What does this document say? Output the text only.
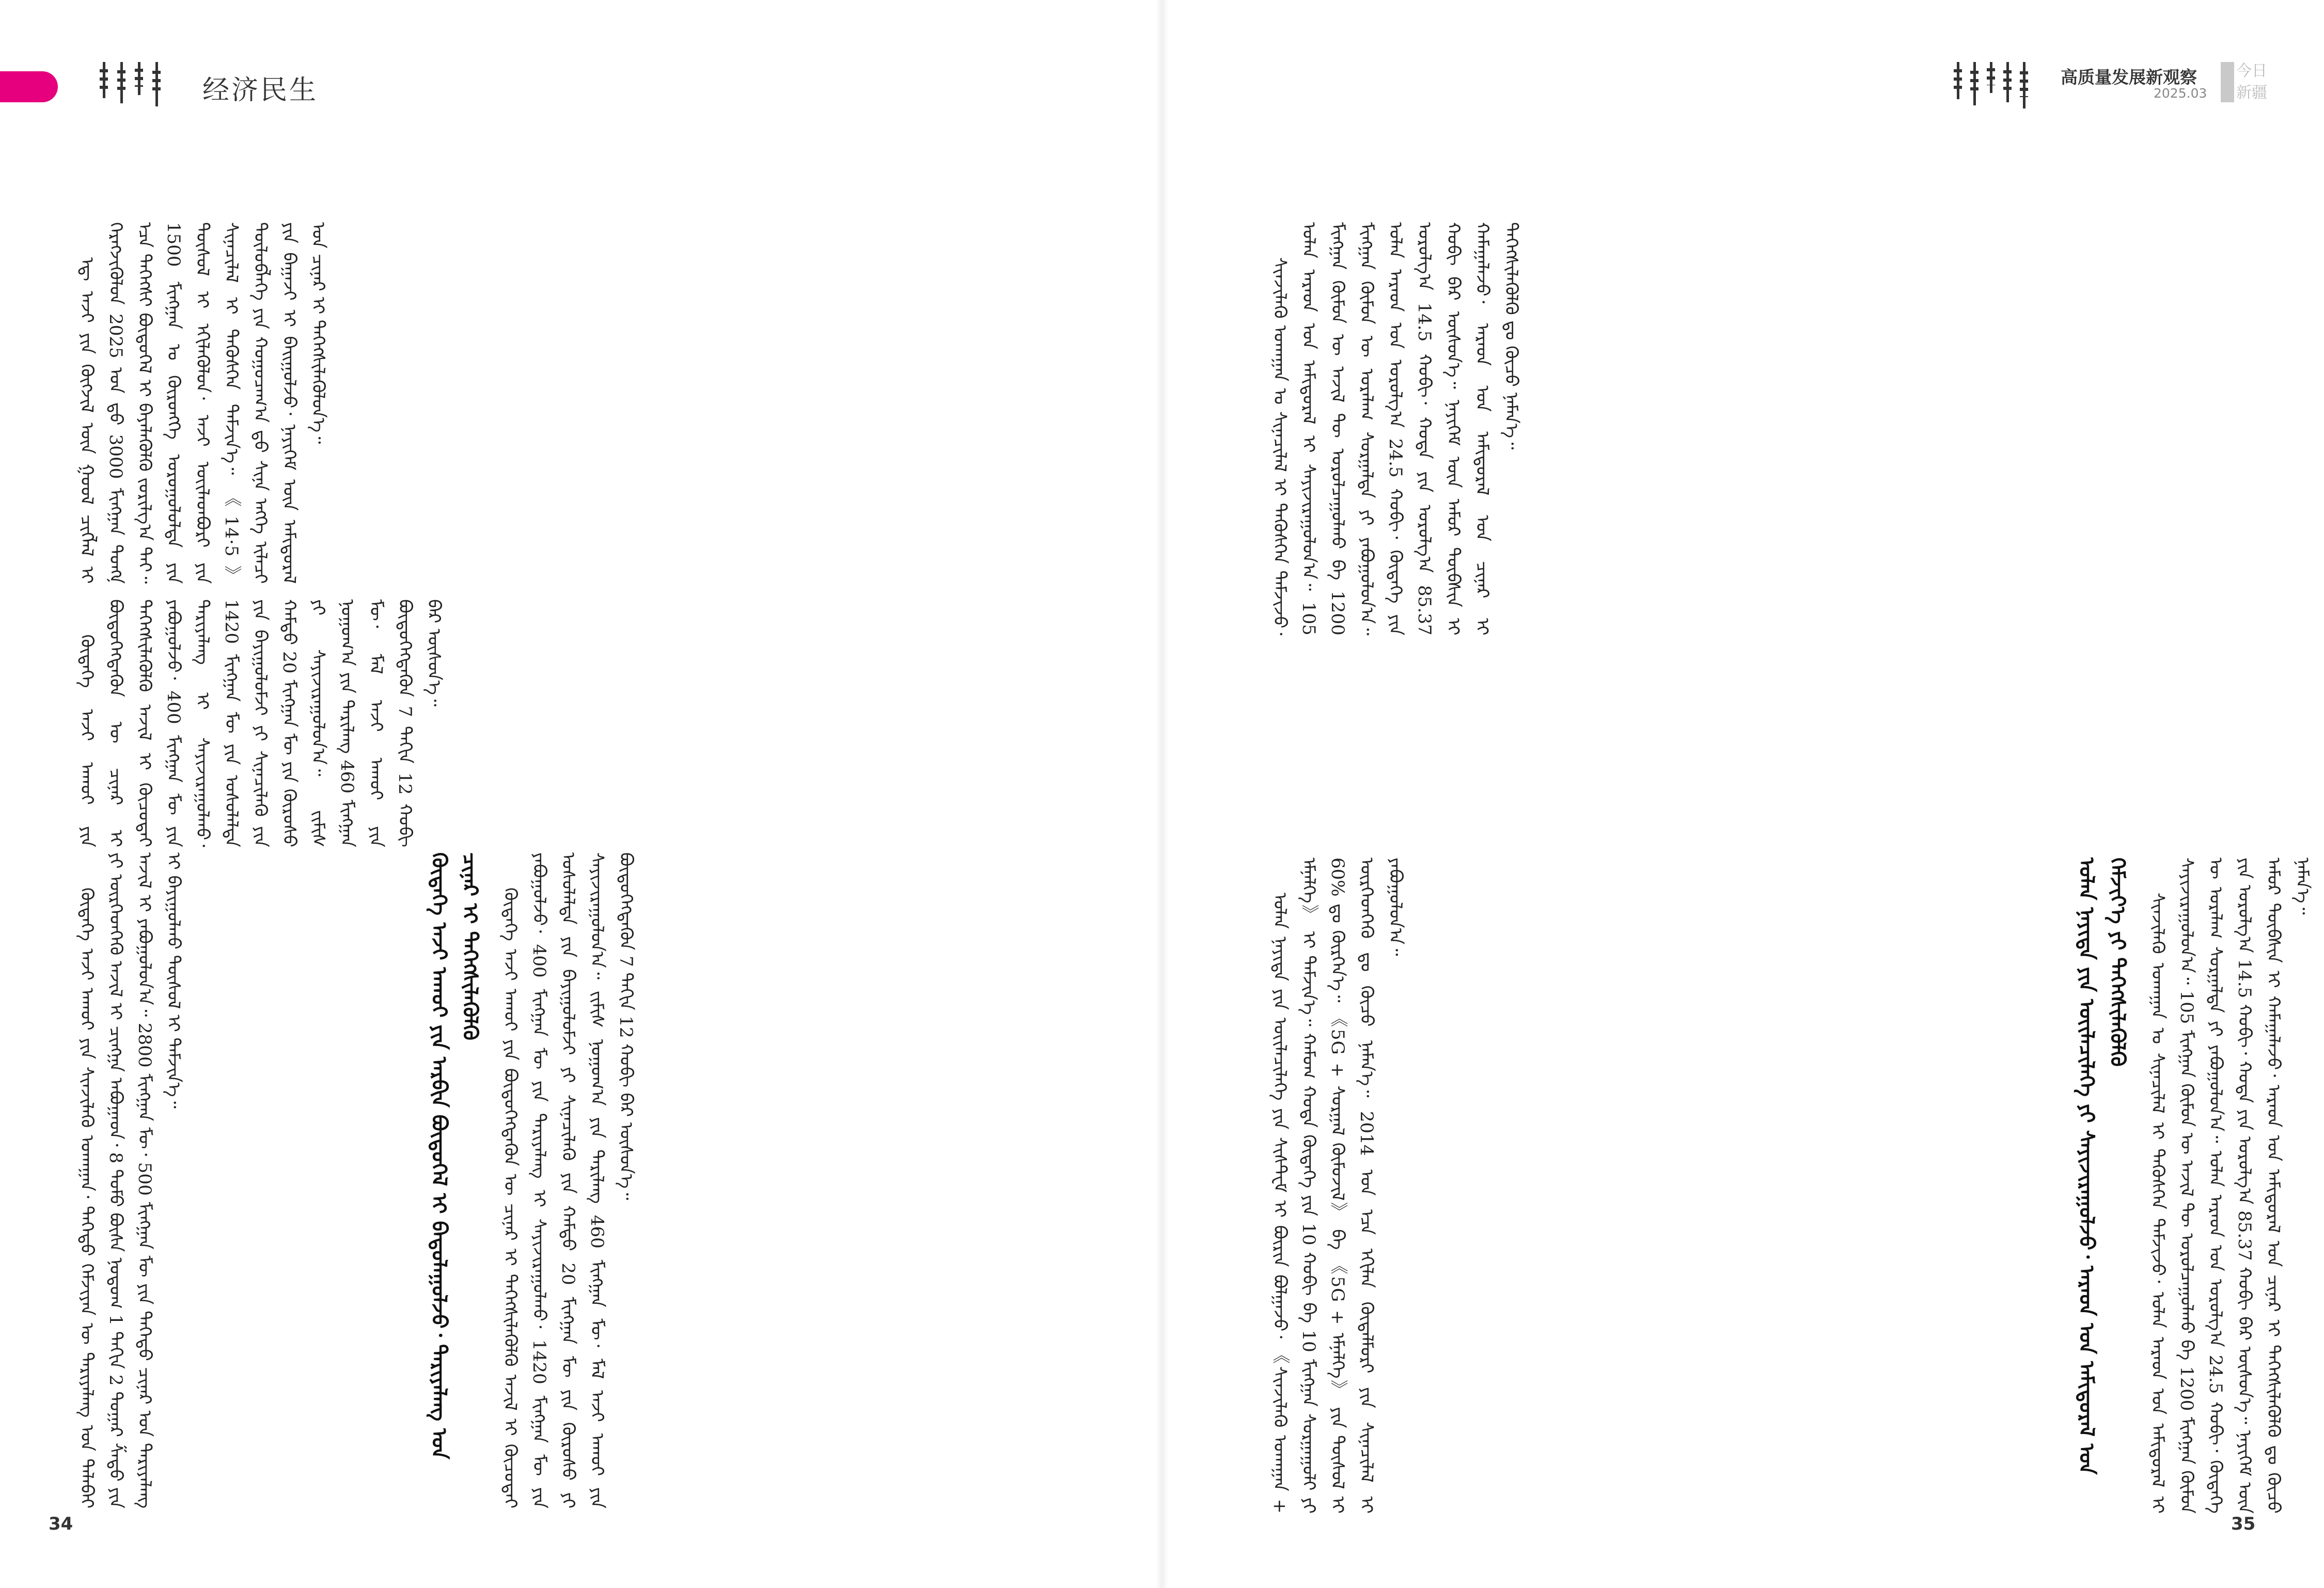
经济民生

ᠡᠳ᠋ ᠠᠵᠢ ᠶᠢᠨ ᠬᠥᠭᠵᠢᠯ ᠦᠨ ᠭᠣᠣᠯ ᠴᠢᠭᠯᠡᠯ ᠢ ᠬᠡᠷᠡᠭᠵᠢᠭᠦᠯᠦᠨ 2025 ᠣᠨ ᠳ᠋ᠤ 3000 ᠮᠢᠩᠭ᠋ᠠᠨ ᠲᠣᠩᠨ᠋ ᠡᠴᠡ ᠳᠡᠭᠡᠭᠰᠢ ᠪᠦᠲᠦᠭᠡᠯ ᠢ ᠪᠡᠶᠡᠯᠡᠭᠦᠯᠬᠦ ᠵᠣᠷᠢᠯᠭ᠎ᠠ ᠲᠠᠢ᠃ 1500 ᠮᠢᠩᠭ᠋ᠠᠨ ᠤ ᠬᠥᠷᠦᠩᠭᠡ ᠣᠷᠣᠭᠤᠯᠤᠯᠲᠠ ᠶᠢᠨ ᠲᠥᠰᠦᠯ ᠢ ᠡᠬᠢᠯᠡᠭᠦᠯᠦᠨ᠂ ᠠᠵᠢ ᠦᠢᠯᠡᠳᠪᠦᠷᠢ ᠶᠢᠨ ᠰᠢᠨᠡᠴᠢᠯᠡᠯ ᠢ ᠲᠡᠭᠦᠰᠬᠡᠨ ᠳᠡᠮᠵᠢᠨ᠎ᠡ᠃ 《14·5》 ᠲᠥᠯᠥᠪᠯᠡᠭᠡ ᠶᠢᠨ ᠬᠤᠭᠤᠴᠠᠭ᠎ᠠ ᠳ᠋ᠤ ᠰᠢᠨᠡ ᠡᠩᠭᠡ ᠢᠯᠡᠴᠢ ᠶᠢᠨ ᠪᠠᠭᠠᠵᠢ ᠢ ᠪᠠᠢᠭᠤᠯᠵᠤ᠂ ᠨᠡᠶᠢᠭᠡᠮ ᠦᠨ ᠠᠮᠢᠳᠤᠷᠠᠯ ᠤᠨ ᠴᠢᠨᠠᠷ ᠢ ᠳᠡᠭᠡᠭᠰᠢᠯᠡᠭᠦᠯᠦᠨ᠎ᠡ᠃

ᠬᠥᠳᠡᠭᠡ ᠠᠵᠢ ᠠᠬᠤᠢ ᠶᠢᠨ ᠪᠦᠲᠦᠭᠡᠭᠳᠡᠬᠦᠨ ᠦ ᠴᠢᠨᠠᠷ ᠢ ᠳᠡᠭᠡᠭᠰᠢᠯᠡᠭᠦᠯᠬᠦ ᠠᠵᠢᠯ ᠢ ᠬᠦᠴᠦᠲᠡᠢ ᠶᠠᠪᠤᠭᠤᠯᠵᠤ᠂ 400 ᠮᠢᠩᠭ᠋ᠠᠨ ᠮᠦ ᠶᠢᠨ ᠲᠠᠷᠢᠶᠠᠯᠠᠩ ᠢ ᠰᠠᠶᠢᠵᠢᠷᠠᠭᠤᠯᠬᠤ᠂ 1420 ᠮᠢᠩᠭ᠋ᠠᠨ ᠮᠦ ᠶᠢᠨ ᠤᠰᠤᠯᠠᠯᠲᠠ ᠶᠢᠨ ᠪᠠᠶᠢᠭᠤᠯᠤᠮᠵᠢ ᠶᠢ ᠰᠢᠨᠡᠴᠢᠯᠡᠬᠦ ᠶᠢᠨ ᠬᠠᠮᠲᠤ 20 ᠮᠢᠩᠭ᠋ᠠᠨ ᠮᠦ ᠶᠢᠨ ᠬᠥᠷᠦᠰᠦ ᠶᠢ ᠰᠠᠶᠢᠵᠢᠷᠠᠭᠤᠯᠤᠨ᠎ᠠ᠃ ᠵᠢᠮᠢᠰ ᠨᠤᠭᠤᠭ᠎ᠠ ᠶᠢᠨ ᠲᠠᠷᠢᠯᠠᠩ 460 ᠮᠢᠩᠭ᠋ᠠᠨ ᠮᠦ᠂ ᠮᠠᠯ ᠠᠵᠢ ᠠᠬᠤᠢ ᠶᠢᠨ ᠪᠦᠲᠦᠭᠡᠭᠳᠡᠬᠦᠨ 7 ᠳᠠᠬᠢᠨ 12 ᠬᠤᠪᠢ ᠪᠡᠷ ᠥᠰᠦᠨ᠎ᠡ᠃

ᠬᠥᠳᠡᠭᠡ ᠠᠵᠢ ᠠᠬᠤᠢ ᠶᠢᠨ ᠰᠢᠨᠵᠢᠯᠡᠬᠦ ᠤᠬᠠᠭᠠᠨ᠂ ᠳᠡᠭᠡᠳᠦ ᠬᠡᠮᠵᠢᠶᠡᠨ ᠦ ᠲᠠᠷᠢᠶᠠᠯᠠᠩ ᠤᠨ ᠲᠠᠯᠠᠪᠠᠢ ᠶᠢ ᠥᠷᠭᠡᠳᠬᠡᠬᠦ ᠠᠵᠢᠯ ᠢ ᠴᠢᠩᠭ᠋ᠠ ᠠᠪᠤᠭᠠᠳ᠂ 8 ᠲᠤᠮᠤ ᠪᠦᠰᠡ ᠨᠤᠲᠤᠭ 1 ᠳᠠᠬᠢᠨ 2 ᠳᠤᠭᠠᠷ ᠱᠠᠲᠤ ᠶᠢᠨ ᠠᠵᠢᠯ ᠢ ᠶᠠᠪᠤᠭᠤᠯᠤᠨ᠎ᠠ᠃ 2800 ᠮᠢᠩᠭ᠋ᠠᠨ ᠮᠦ᠂ 500 ᠮᠢᠩᠭ᠋ᠠᠨ ᠮᠦ ᠶᠢᠨ ᠳᠡᠭᠡᠳᠦ ᠴᠢᠨᠠᠷ ᠤᠨ ᠲᠠᠷᠢᠶᠠᠯᠠᠩ ᠢ ᠪᠠᠶᠢᠭᠤᠯᠬᠤ ᠲᠥᠰᠦᠯ ᠢ ᠳᠡᠮᠵᠢᠨ᠎ᠡ᠃	ᠬᠥᠳᠡᠭᠡ ᠠᠵᠢ ᠠᠬᠤᠢ ᠶᠢᠨ ᠠᠷᠪᠢᠨ ᠪᠦᠲᠦᠭᠡᠯ ᠢ ᠪᠠᠲᠤᠯᠠᠭᠤᠯᠵᠤ᠂ ᠲᠠᠷᠢᠶᠠᠯᠠᠩ ᠤᠨ ᠴᠢᠨᠠᠷ ᠢ ᠳᠡᠭᠡᠭᠰᠢᠯᠡᠭᠦᠯᠬᠦ ᠬᠥᠳᠡᠭᠡ ᠠᠵᠢ ᠠᠬᠤᠢ ᠶᠢᠨ ᠪᠦᠲᠦᠭᠡᠭᠳᠡᠬᠦᠨ ᠦ ᠴᠢᠨᠠᠷ ᠢ ᠳᠡᠭᠡᠭᠰᠢᠯᠡᠭᠦᠯᠬᠦ ᠠᠵᠢᠯ ᠢ ᠬᠦᠴᠦᠲᠡᠢ ᠶᠠᠪᠤᠭᠤᠯᠵᠤ᠂ 400 ᠮᠢᠩᠭ᠋ᠠᠨ ᠮᠦ ᠶᠢᠨ ᠲᠠᠷᠢᠶᠠᠯᠠᠩ ᠢ ᠰᠠᠶᠢᠵᠢᠷᠠᠭᠤᠯᠬᠤ᠂ 1420 ᠮᠢᠩᠭ᠋ᠠᠨ ᠮᠦ ᠶᠢᠨ ᠤᠰᠤᠯᠠᠯᠲᠠ ᠶᠢᠨ ᠪᠠᠶᠢᠭᠤᠯᠤᠮᠵᠢ ᠶᠢ ᠰᠢᠨᠡᠴᠢᠯᠡᠬᠦ ᠶᠢᠨ ᠬᠠᠮᠲᠤ 20 ᠮᠢᠩᠭ᠋ᠠᠨ ᠮᠦ ᠶᠢᠨ ᠬᠥᠷᠦᠰᠦ ᠶᠢ ᠰᠠᠶᠢᠵᠢᠷᠠᠭᠤᠯᠤᠨ᠎ᠠ᠃ ᠵᠢᠮᠢᠰ ᠨᠤᠭᠤᠭ᠎ᠠ ᠶᠢᠨ ᠲᠠᠷᠢᠯᠠᠩ 460 ᠮᠢᠩᠭ᠋ᠠᠨ ᠮᠦ᠂ ᠮᠠᠯ ᠠᠵᠢ ᠠᠬᠤᠢ ᠶᠢᠨ ᠪᠦᠲᠦᠭᠡᠭᠳᠡᠬᠦᠨ 7 ᠳᠠᠬᠢᠨ 12 ᠬᠤᠪᠢ ᠪᠡᠷ ᠥᠰᠦᠨ᠎ᠡ᠃

34
高质量发展新观察
2025.03
今日
新疆

ᠰᠢᠨᠵᠢᠯᠡᠬᠦ ᠤᠬᠠᠭᠠᠨ ᠤ ᠰᠢᠨᠡᠴᠢᠯᠡᠯ ᠢ ᠲᠡᠭᠦᠰᠬᠡᠨ ᠳᠡᠮᠵᠢᠵᠦ᠂ ᠣᠯᠠᠨ ᠠᠷᠠᠳ ᠤᠨ ᠠᠮᠢᠳᠤᠷᠠᠯ ᠢ ᠰᠠᠶᠢᠵᠢᠷᠠᠭᠤᠯᠤᠨ᠎ᠠ᠃ 105 ᠮᠢᠩᠭ᠋ᠠᠨ ᠬᠦᠮᠦᠨ ᠦ ᠠᠵᠢᠯ ᠲᠦ ᠣᠷᠣᠯᠴᠠᠭᠤᠯᠬᠤ ᠪᠠ 1200 ᠮᠢᠩᠭ᠋ᠠᠨ ᠬᠦᠮᠦᠨ ᠦ ᠤᠷᠠᠯᠠᠭ ᠰᠤᠷᠭᠠᠯᠲᠠ ᠶᠢ ᠶᠠᠪᠤᠭᠤᠯᠤᠨ᠎ᠠ᠃ ᠣᠯᠠᠨ ᠠᠷᠠᠳ ᠤᠨ ᠣᠷᠣᠯᠭ᠎ᠠ 24.5 ᠬᠤᠪᠢ᠂ ᠬᠥᠳᠡᠭᠡ ᠶᠢᠨ ᠣᠷᠣᠯᠭ᠎ᠠ 14.5 ᠬᠤᠪᠢ᠂ ᠬᠣᠲᠠ ᠶᠢᠨ ᠣᠷᠣᠯᠭ᠎ᠠ 85.37 ᠬᠤᠪᠢ ᠪᠡᠷ ᠥᠰᠦᠨ᠎ᠡ᠃ ᠨᠡᠶᠢᠭᠡᠮ ᠦᠨ ᠠᠮᠤᠷ ᠲᠦᠪᠰᠢᠨ ᠢ ᠬᠠᠮᠠᠭᠠᠯᠠᠵᠤ᠂ ᠠᠷᠠᠳ ᠤᠨ ᠠᠮᠢᠳᠤᠷᠠᠯ ᠤᠨ ᠴᠢᠨᠠᠷ ᠢ ᠳᠡᠭᠡᠭᠰᠢᠯᠡᠭᠦᠯᠬᠦ ᠳᠤ ᠬᠦᠴᠦ ᠨᠡᠮᠡᠨ᠎ᠡ᠃

ᠣᠯᠠᠨ ᠨᠡᠶᠢᠲᠡ ᠶᠢᠨ ᠦᠢᠯᠡᠴᠢᠯᠡᠭᠡ ᠶᠢᠨ ᠰᠢᠰᠲ᠋ᠧᠮ ᠢ ᠪᠦᠷᠢᠨ ᠪᠣᠯᠭᠠᠵᠤ᠂ 《ᠰᠢᠨᠵᠢᠯᠡᠬᠦ ᠤᠬᠠᠭᠠᠨ + ᠡᠮᠨᠡᠯᠭᠡ》 ᠢ ᠳᠡᠮᠵᠢᠨ᠎ᠡ᠃ ᠬᠠᠮᠤᠭ ᠬᠣᠲᠠ ᠬᠥᠳᠡᠭᠡ ᠶᠢᠨ 10 ᠬᠤᠪᠢ ᠪᠠ 10 ᠮᠢᠩᠭ᠋ᠠᠨ ᠰᠤᠷᠭᠠᠭᠤᠯᠢ ᠶᠢ 60% ᠳᠤ ᠬᠦᠷᠭᠡᠨ᠎ᠡ᠃ 《5G + ᠰᠤᠷᠭᠠᠯ ᠬᠦᠮᠦᠵᠢᠯ》 ᠪᠠ 《5G + ᠡᠮᠨᠡᠯᠭᠡ》 ᠶᠢᠨ ᠲᠥᠰᠦᠯ ᠢ ᠥᠷᠭᠡᠳᠬᠡᠬᠦ ᠳᠤ ᠬᠦᠴᠦ ᠨᠡᠮᠡᠨ᠎ᠡ᠃ 2014 ᠣᠨ ᠡᠴᠡ ᠡᠬᠢᠯᠡᠨ ᠬᠥᠳᠡᠯᠮᠦᠷᠢ ᠶᠢᠨ ᠰᠢᠨᠡᠴᠢᠯᠡᠯ ᠢ ᠶᠠᠪᠤᠭᠤᠯᠤᠨ᠎ᠠ᠃	ᠣᠯᠠᠨ ᠨᠡᠶᠢᠲᠡ ᠶᠢᠨ ᠦᠢᠯᠡᠴᠢᠯᠡᠭᠡ ᠶᠢ ᠰᠠᠶᠢᠵᠢᠷᠠᠭᠤᠯᠵᠤ᠂ ᠠᠷᠠᠳ ᠤᠨ ᠠᠮᠢᠳᠤᠷᠠᠯ ᠤᠨ ᠬᠡᠮᠵᠢᠶ᠎ᠡ ᠶᠢ ᠳᠡᠭᠡᠭᠰᠢᠯᠡᠭᠦᠯᠬᠦ ᠰᠢᠨᠵᠢᠯᠡᠬᠦ ᠤᠬᠠᠭᠠᠨ ᠤ ᠰᠢᠨᠡᠴᠢᠯᠡᠯ ᠢ ᠲᠡᠭᠦᠰᠬᠡᠨ ᠳᠡᠮᠵᠢᠵᠦ᠂ ᠣᠯᠠᠨ ᠠᠷᠠᠳ ᠤᠨ ᠠᠮᠢᠳᠤᠷᠠᠯ ᠢ ᠰᠠᠶᠢᠵᠢᠷᠠᠭᠤᠯᠤᠨ᠎ᠠ᠃ 105 ᠮᠢᠩᠭ᠋ᠠᠨ ᠬᠦᠮᠦᠨ ᠦ ᠠᠵᠢᠯ ᠲᠦ ᠣᠷᠣᠯᠴᠠᠭᠤᠯᠬᠤ ᠪᠠ 1200 ᠮᠢᠩᠭ᠋ᠠᠨ ᠬᠦᠮᠦᠨ ᠦ ᠤᠷᠠᠯᠠᠭ ᠰᠤᠷᠭᠠᠯᠲᠠ ᠶᠢ ᠶᠠᠪᠤᠭᠤᠯᠤᠨ᠎ᠠ᠃ ᠣᠯᠠᠨ ᠠᠷᠠᠳ ᠤᠨ ᠣᠷᠣᠯᠭ᠎ᠠ 24.5 ᠬᠤᠪᠢ᠂ ᠬᠥᠳᠡᠭᠡ ᠶᠢᠨ ᠣᠷᠣᠯᠭ᠎ᠠ 14.5 ᠬᠤᠪᠢ᠂ ᠬᠣᠲᠠ ᠶᠢᠨ ᠣᠷᠣᠯᠭ᠎ᠠ 85.37 ᠬᠤᠪᠢ ᠪᠡᠷ ᠥᠰᠦᠨ᠎ᠡ᠃ ᠨᠡᠶᠢᠭᠡᠮ ᠦᠨ ᠠᠮᠤᠷ ᠲᠦᠪᠰᠢᠨ ᠢ ᠬᠠᠮᠠᠭᠠᠯᠠᠵᠤ᠂ ᠠᠷᠠᠳ ᠤᠨ ᠠᠮᠢᠳᠤᠷᠠᠯ ᠤᠨ ᠴᠢᠨᠠᠷ ᠢ ᠳᠡᠭᠡᠭᠰᠢᠯᠡᠭᠦᠯᠬᠦ ᠳᠤ ᠬᠦᠴᠦ ᠨᠡᠮᠡᠨ᠎ᠡ᠃

35
